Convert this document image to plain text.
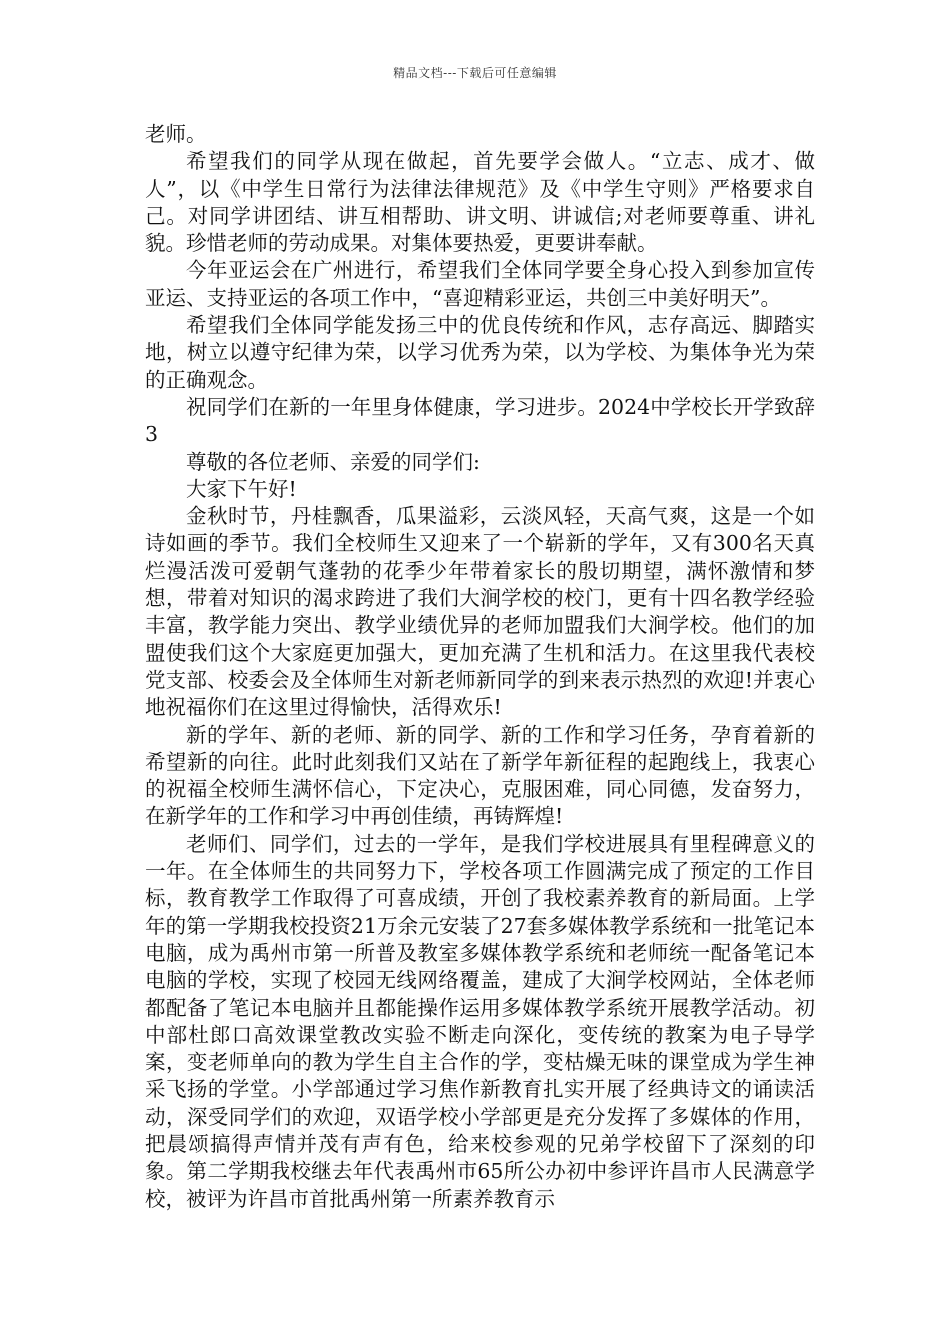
精品文档---下载后可任意编辑

老师。

希望我们的同学从现在做起，首先要学会做人。“立志、成才、做人”，以《中学生日常行为法律法律规范》及《中学生守则》严格要求自己。对同学讲团结、讲互相帮助、讲文明、讲诚信;对老师要尊重、讲礼貌。珍惜老师的劳动成果。对集体要热爱，更要讲奉献。

今年亚运会在广州进行，希望我们全体同学要全身心投入到参加宣传亚运、支持亚运的各项工作中，“喜迎精彩亚运，共创三中美好明天”。

希望我们全体同学能发扬三中的优良传统和作风，志存高远、脚踏实地，树立以遵守纪律为荣，以学习优秀为荣，以为学校、为集体争光为荣的正确观念。

祝同学们在新的一年里身体健康，学习进步。2024中学校长开学致辞3

尊敬的各位老师、亲爱的同学们:

大家下午好!

金秋时节，丹桂飘香，瓜果溢彩，云淡风轻，天高气爽，这是一个如诗如画的季节。我们全校师生又迎来了一个崭新的学年，又有300名天真烂漫活泼可爱朝气蓬勃的花季少年带着家长的殷切期望，满怀激情和梦想，带着对知识的渴求跨进了我们大涧学校的校门，更有十四名教学经验丰富，教学能力突出、教学业绩优异的老师加盟我们大涧学校。他们的加盟使我们这个大家庭更加强大，更加充满了生机和活力。在这里我代表校党支部、校委会及全体师生对新老师新同学的到来表示热烈的欢迎!并衷心地祝福你们在这里过得愉快，活得欢乐!

新的学年、新的老师、新的同学、新的工作和学习任务，孕育着新的希望新的向往。此时此刻我们又站在了新学年新征程的起跑线上，我衷心的祝福全校师生满怀信心，下定决心，克服困难，同心同德，发奋努力，在新学年的工作和学习中再创佳绩，再铸辉煌!

老师们、同学们，过去的一学年，是我们学校进展具有里程碑意义的一年。在全体师生的共同努力下，学校各项工作圆满完成了预定的工作目标，教育教学工作取得了可喜成绩，开创了我校素养教育的新局面。上学年的第一学期我校投资21万余元安装了27套多媒体教学系统和一批笔记本电脑，成为禹州市第一所普及教室多媒体教学系统和老师统一配备笔记本电脑的学校，实现了校园无线网络覆盖，建成了大涧学校网站，全体老师都配备了笔记本电脑并且都能操作运用多媒体教学系统开展教学活动。初中部杜郎口高效课堂教改实验不断走向深化，变传统的教案为电子导学案，变老师单向的教为学生自主合作的学，变枯燥无味的课堂成为学生神采飞扬的学堂。小学部通过学习焦作新教育扎实开展了经典诗文的诵读活动，深受同学们的欢迎，双语学校小学部更是充分发挥了多媒体的作用，把晨颂搞得声情并茂有声有色，给来校参观的兄弟学校留下了深刻的印象。第二学期我校继去年代表禹州市65所公办初中参评许昌市人民满意学校，被评为许昌市首批禹州第一所素养教育示
